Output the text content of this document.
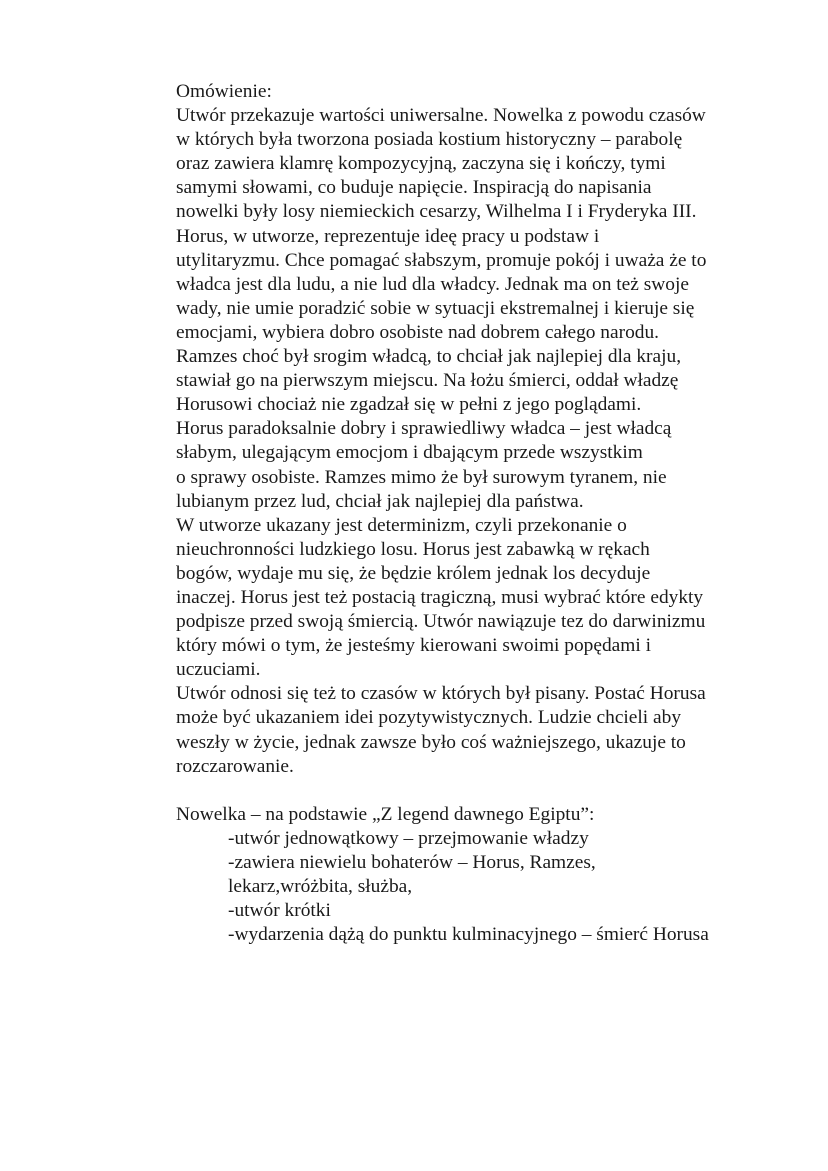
Omówienie:
Utwór przekazuje wartości uniwersalne. Nowelka z powodu czasów
w których była tworzona posiada kostium historyczny – parabolę
oraz zawiera klamrę kompozycyjną, zaczyna się i kończy, tymi
samymi słowami, co buduje napięcie. Inspiracją do napisania
nowelki były losy niemieckich cesarzy, Wilhelma I i Fryderyka III.
Horus, w utworze, reprezentuje ideę pracy u podstaw i
utylitaryzmu. Chce pomagać słabszym, promuje pokój i uważa że to
władca jest dla ludu, a nie lud dla władcy. Jednak ma on też swoje
wady, nie umie poradzić sobie w sytuacji ekstremalnej i kieruje się
emocjami, wybiera dobro osobiste nad dobrem całego narodu.
Ramzes choć był srogim władcą, to chciał jak najlepiej dla kraju,
stawiał go na pierwszym miejscu. Na łożu śmierci, oddał władzę
Horusowi chociaż nie zgadzał się w pełni z jego poglądami.
Horus paradoksalnie dobry i sprawiedliwy władca – jest władcą
słabym, ulegającym emocjom i dbającym przede wszystkim
o sprawy osobiste. Ramzes mimo że był surowym tyranem, nie
lubianym przez lud, chciał jak najlepiej dla państwa.
W utworze ukazany jest determinizm, czyli przekonanie o
nieuchronności ludzkiego losu. Horus jest zabawką w rękach
bogów, wydaje mu się, że będzie królem jednak los decyduje
inaczej. Horus jest też postacią tragiczną, musi wybrać które edykty
podpisze przed swoją śmiercią. Utwór nawiązuje tez do darwinizmu
który mówi o tym, że jesteśmy kierowani swoimi popędami i
uczuciami.
Utwór odnosi się też to czasów w których był pisany. Postać Horusa
może być ukazaniem idei pozytywistycznych. Ludzie chcieli aby
weszły w życie, jednak zawsze było coś ważniejszego, ukazuje to
rozczarowanie.
Nowelka – na podstawie „Z legend dawnego Egiptu”:
-utwór jednowątkowy – przejmowanie władzy
-zawiera niewielu bohaterów – Horus, Ramzes,
lekarz,wróżbita, służba,
-utwór krótki
-wydarzenia dążą do punktu kulminacyjnego – śmierć Horusa
